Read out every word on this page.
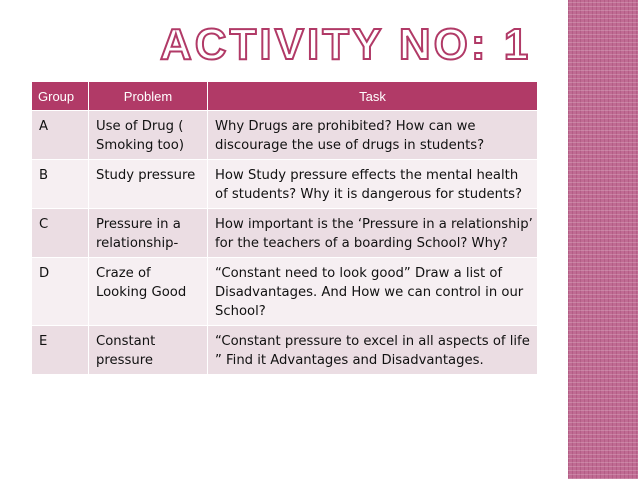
ACTIVITY NO: 1
Group	Problem	Task
A	Use of Drug ( Smoking too)	Why Drugs are prohibited? How can we discourage the use of drugs in students?
B	Study pressure	How Study pressure effects the mental health of students? Why it is dangerous for students?
C	Pressure in a relationship-	How important is the ‘Pressure in a relationship’ for the teachers of a boarding School? Why?
D	Craze of Looking Good	“Constant need to look good” Draw a list of Disadvantages. And How we can control in our School?
E	Constant pressure	“Constant pressure to excel in all aspects of life ” Find it Advantages and Disadvantages.
